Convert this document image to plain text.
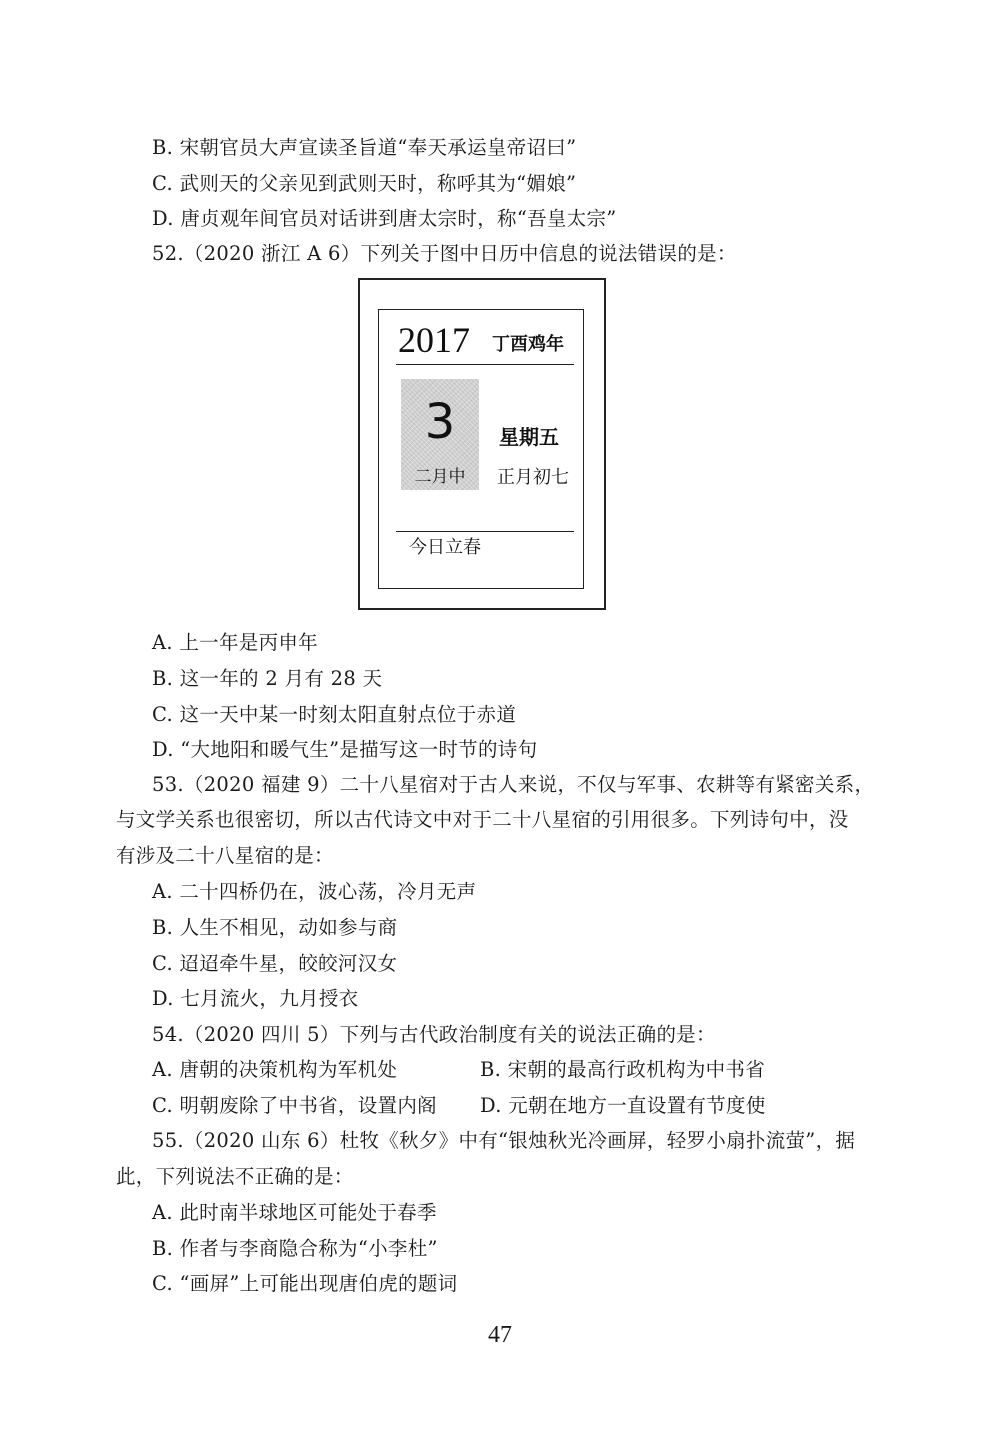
B. 宋朝官员大声宣读圣旨道“奉天承运皇帝诏曰”

C. 武则天的父亲见到武则天时，称呼其为“媚娘”

D. 唐贞观年间官员对话讲到唐太宗时，称“吾皇太宗”

52.（2020 浙江 A 6）下列关于图中日历中信息的说法错误的是：

2017 丁酉鸡年
3
二月中
星期五
正月初七
今日立春

A. 上一年是丙申年

B. 这一年的 2 月有 28 天

C. 这一天中某一时刻太阳直射点位于赤道

D. “大地阳和暖气生”是描写这一时节的诗句

53.（2020 福建 9）二十八星宿对于古人来说，不仅与军事、农耕等有紧密关系，

与文学关系也很密切，所以古代诗文中对于二十八星宿的引用很多。下列诗句中，没

有涉及二十八星宿的是：

A. 二十四桥仍在，波心荡，冷月无声

B. 人生不相见，动如参与商

C. 迢迢牵牛星，皎皎河汉女

D. 七月流火，九月授衣

54.（2020 四川 5）下列与古代政治制度有关的说法正确的是：

A. 唐朝的决策机构为军机处	B. 宋朝的最高行政机构为中书省

C. 明朝废除了中书省，设置内阁 D. 元朝在地方一直设置有节度使

55.（2020 山东 6）杜牧《秋夕》中有“银烛秋光冷画屏，轻罗小扇扑流萤”，据

此，下列说法不正确的是：

A. 此时南半球地区可能处于春季

B. 作者与李商隐合称为“小李杜”

C. “画屏”上可能出现唐伯虎的题词

47
